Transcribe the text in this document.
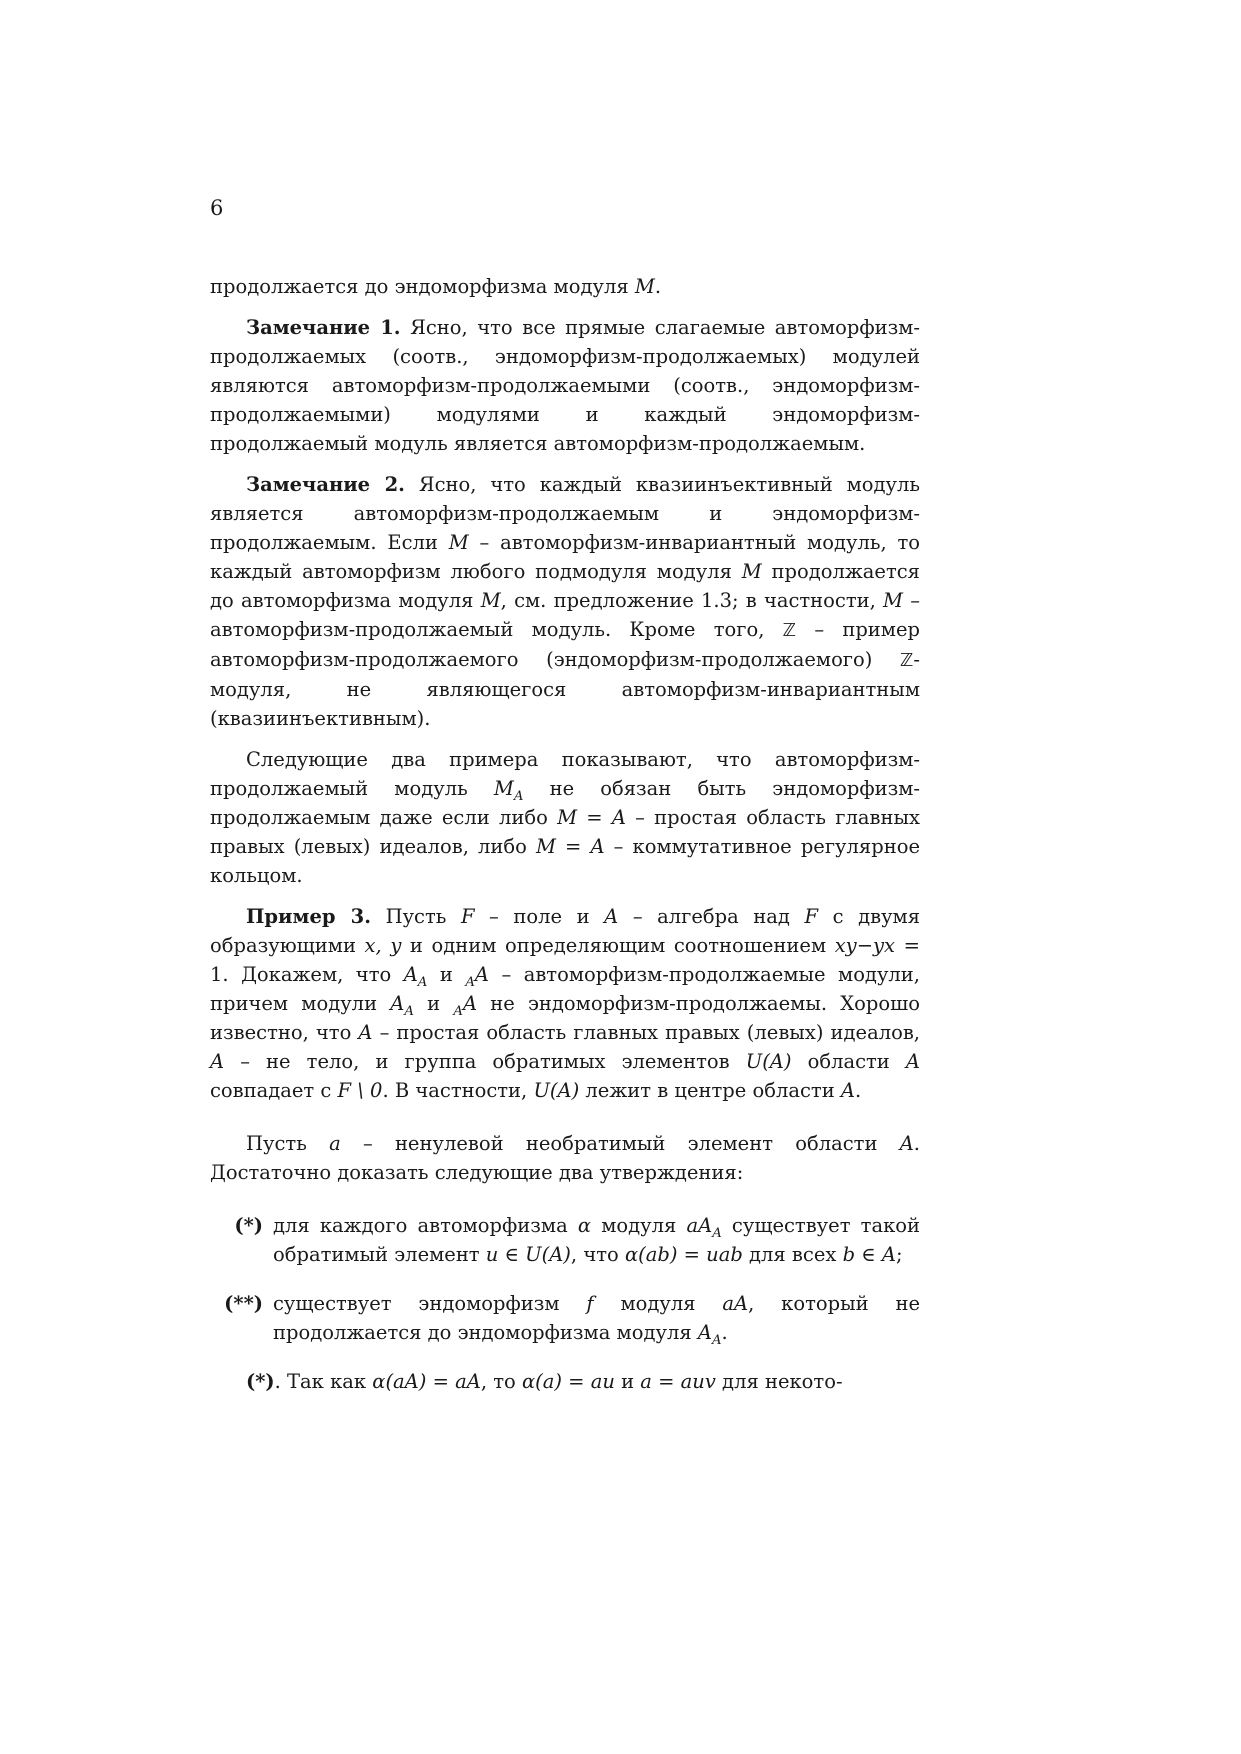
6

продолжается до эндоморфизма модуля M.

Замечание 1. Ясно, что все прямые слагаемые автоморфизм-продолжаемых (соотв., эндоморфизм-продолжаемых) модулей являются автоморфизм-продолжаемыми (соотв., эндоморфизм-продолжаемыми) модулями и каждый эндоморфизм-продолжаемый модуль является автоморфизм-продолжаемым.

Замечание 2. Ясно, что каждый квазиинъективный модуль является автоморфизм-продолжаемым и эндоморфизм-продолжаемым. Если M – автоморфизм-инвариантный модуль, то каждый автоморфизм любого подмодуля модуля M продолжается до автоморфизма модуля M, см. предложение 1.3; в частности, M – автоморфизм-продолжаемый модуль. Кроме того, ℤ – пример автоморфизм-продолжаемого (эндоморфизм-продолжаемого) ℤ-модуля, не являющегося автоморфизм-инвариантным (квазиинъективным).

Следующие два примера показывают, что автоморфизм-продолжаемый модуль $M_A$ не обязан быть эндоморфизм-продолжаемым даже если либо M = A – простая область главных правых (левых) идеалов, либо M = A – коммутативное регулярное кольцом.

Пример 3. Пусть F – поле и A – алгебра над F с двумя образующими x, y и одним определяющим соотношением xy−yx = 1. Докажем, что $A_A$ и $_A$A – автоморфизм-продолжаемые модули, причем модули $A_A$ и $_A$A не эндоморфизм-продолжаемы. Хорошо известно, что A – простая область главных правых (левых) идеалов, A – не тело, и группа обратимых элементов U(A) области A совпадает с F \ 0. В частности, U(A) лежит в центре области A.

Пусть a – ненулевой необратимый элемент области A. Достаточно доказать следующие два утверждения:

(*) для каждого автоморфизма α модуля $aA_A$ существует такой обратимый элемент u ∈ U(A), что α(ab) = uab для всех b ∈ A;
(**) существует эндоморфизм f модуля aA, который не продолжается до эндоморфизма модуля $A_A$.

(*). Так как α(aA) = aA, то α(a) = au и a = auv для некото-
